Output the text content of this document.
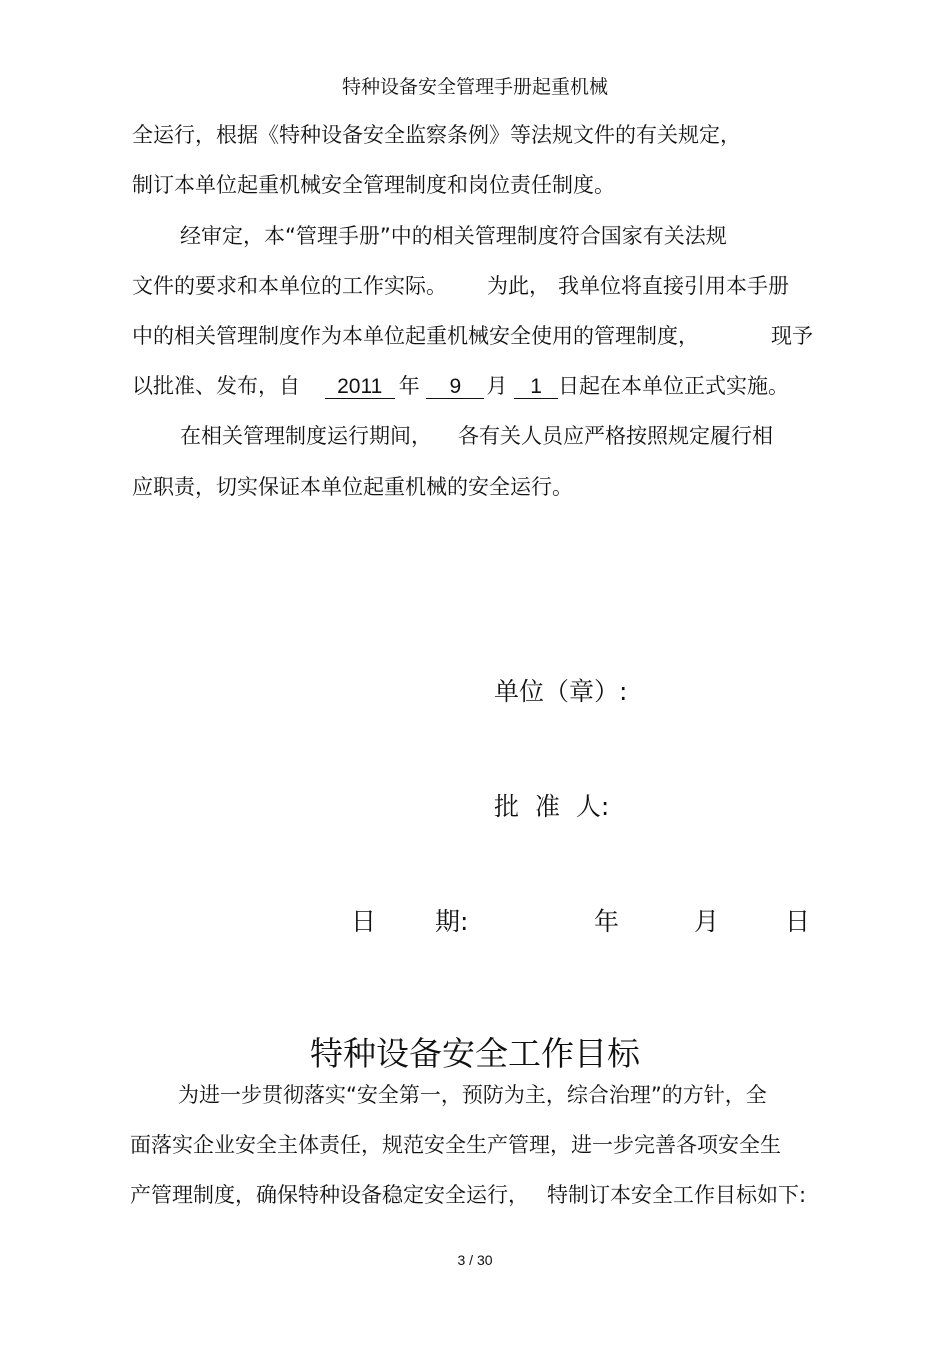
特种设备安全管理手册起重机械
全运行，根据《特种设备安全监察条例》等法规文件的有关规定，
制订本单位起重机械安全管理制度和岗位责任制度。
经审定，本“管理手册”中的相关管理制度符合国家有关法规
文件的要求和本单位的工作实际。 为此， 我单位将直接引用本手册
中的相关管理制度作为本单位起重机械安全使用的管理制度，	现予
以批准、发布，自 2011 年 9 月 1 日起在本单位正式实施。
在相关管理制度运行期间， 各有关人员应严格按照规定履行相
应职责，切实保证本单位起重机械的安全运行。
单位（章）:
批 准 人:
日 期:	年	月	日
特种设备安全工作目标
为进一步贯彻落实“安全第一，预防为主，综合治理”的方针，全
面落实企业安全主体责任，规范安全生产管理，进一步完善各项安全生
产管理制度，确保特种设备稳定安全运行， 特制订本安全工作目标如下:
3 / 30
